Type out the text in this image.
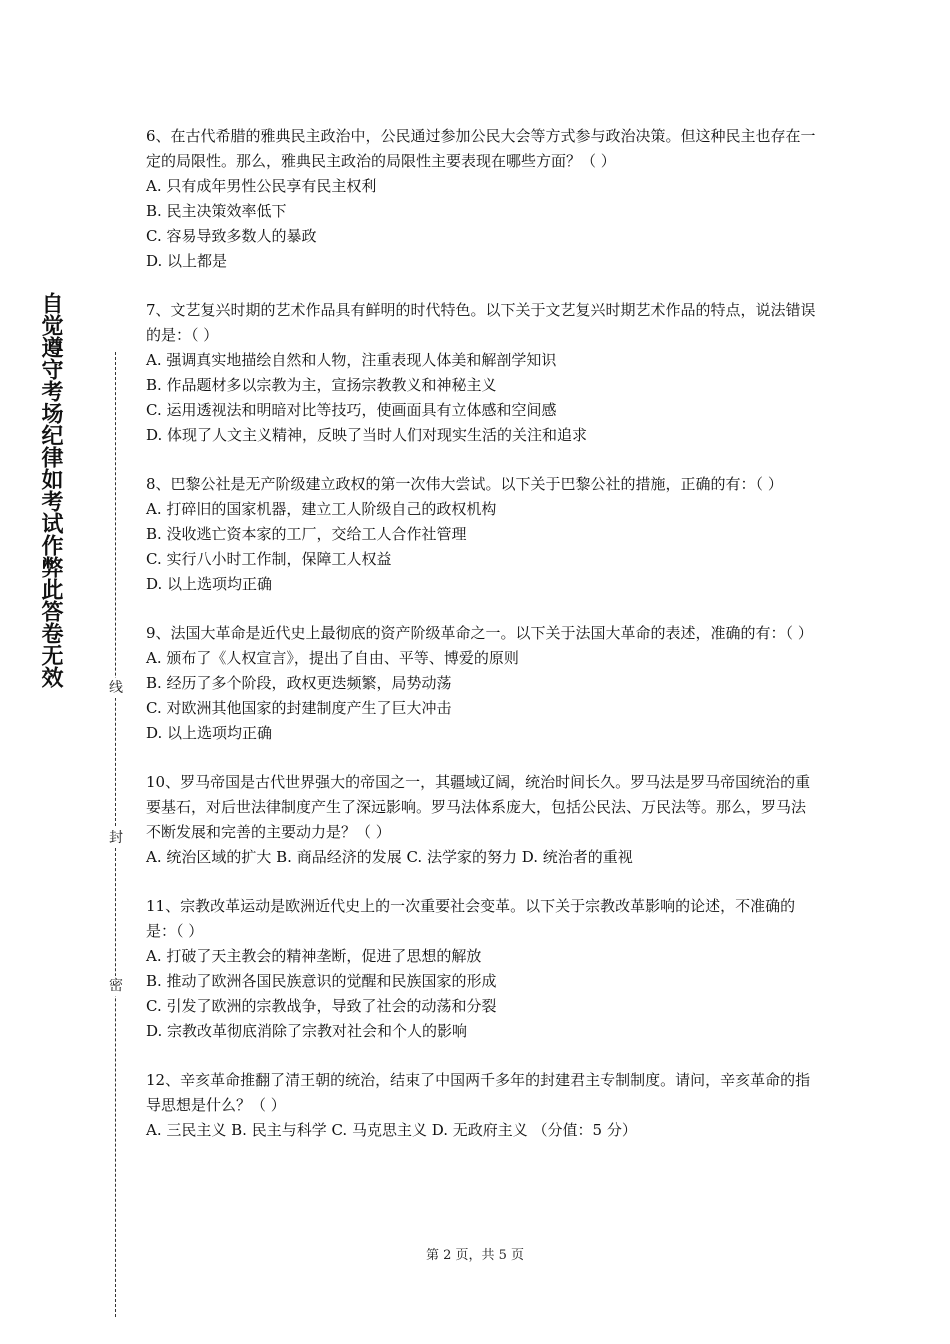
自觉遵守考场纪律如考试作弊此答卷无效	线
封
密

6、在古代希腊的雅典民主政治中，公民通过参加公民大会等方式参与政治决策。但这种民主也存在一定的局限性。那么，雅典民主政治的局限性主要表现在哪些方面？（ ）

A. 只有成年男性公民享有民主权利

B. 民主决策效率低下

C. 容易导致多数人的暴政

D. 以上都是

7、文艺复兴时期的艺术作品具有鲜明的时代特色。以下关于文艺复兴时期艺术作品的特点，说法错误的是：（ ）

A. 强调真实地描绘自然和人物，注重表现人体美和解剖学知识

B. 作品题材多以宗教为主，宣扬宗教教义和神秘主义

C. 运用透视法和明暗对比等技巧，使画面具有立体感和空间感

D. 体现了人文主义精神，反映了当时人们对现实生活的关注和追求

8、巴黎公社是无产阶级建立政权的第一次伟大尝试。以下关于巴黎公社的措施，正确的有：（ ）

A. 打碎旧的国家机器，建立工人阶级自己的政权机构

B. 没收逃亡资本家的工厂，交给工人合作社管理

C. 实行八小时工作制，保障工人权益

D. 以上选项均正确

9、法国大革命是近代史上最彻底的资产阶级革命之一。以下关于法国大革命的表述，准确的有：（ ）

A. 颁布了《人权宣言》，提出了自由、平等、博爱的原则

B. 经历了多个阶段，政权更迭频繁，局势动荡

C. 对欧洲其他国家的封建制度产生了巨大冲击

D. 以上选项均正确

10、罗马帝国是古代世界强大的帝国之一，其疆域辽阔，统治时间长久。罗马法是罗马帝国统治的重要基石，对后世法律制度产生了深远影响。罗马法体系庞大，包括公民法、万民法等。那么，罗马法不断发展和完善的主要动力是？（ ）

A. 统治区域的扩大 B. 商品经济的发展 C. 法学家的努力 D. 统治者的重视

11、宗教改革运动是欧洲近代史上的一次重要社会变革。以下关于宗教改革影响的论述，不准确的是：（ ）

A. 打破了天主教会的精神垄断，促进了思想的解放

B. 推动了欧洲各国民族意识的觉醒和民族国家的形成

C. 引发了欧洲的宗教战争，导致了社会的动荡和分裂

D. 宗教改革彻底消除了宗教对社会和个人的影响

12、辛亥革命推翻了清王朝的统治，结束了中国两千多年的封建君主专制制度。请问，辛亥革命的指导思想是什么？（ ）

A. 三民主义 B. 民主与科学 C. 马克思主义 D. 无政府主义 （分值：5 分）

第 2 页，共 5 页
